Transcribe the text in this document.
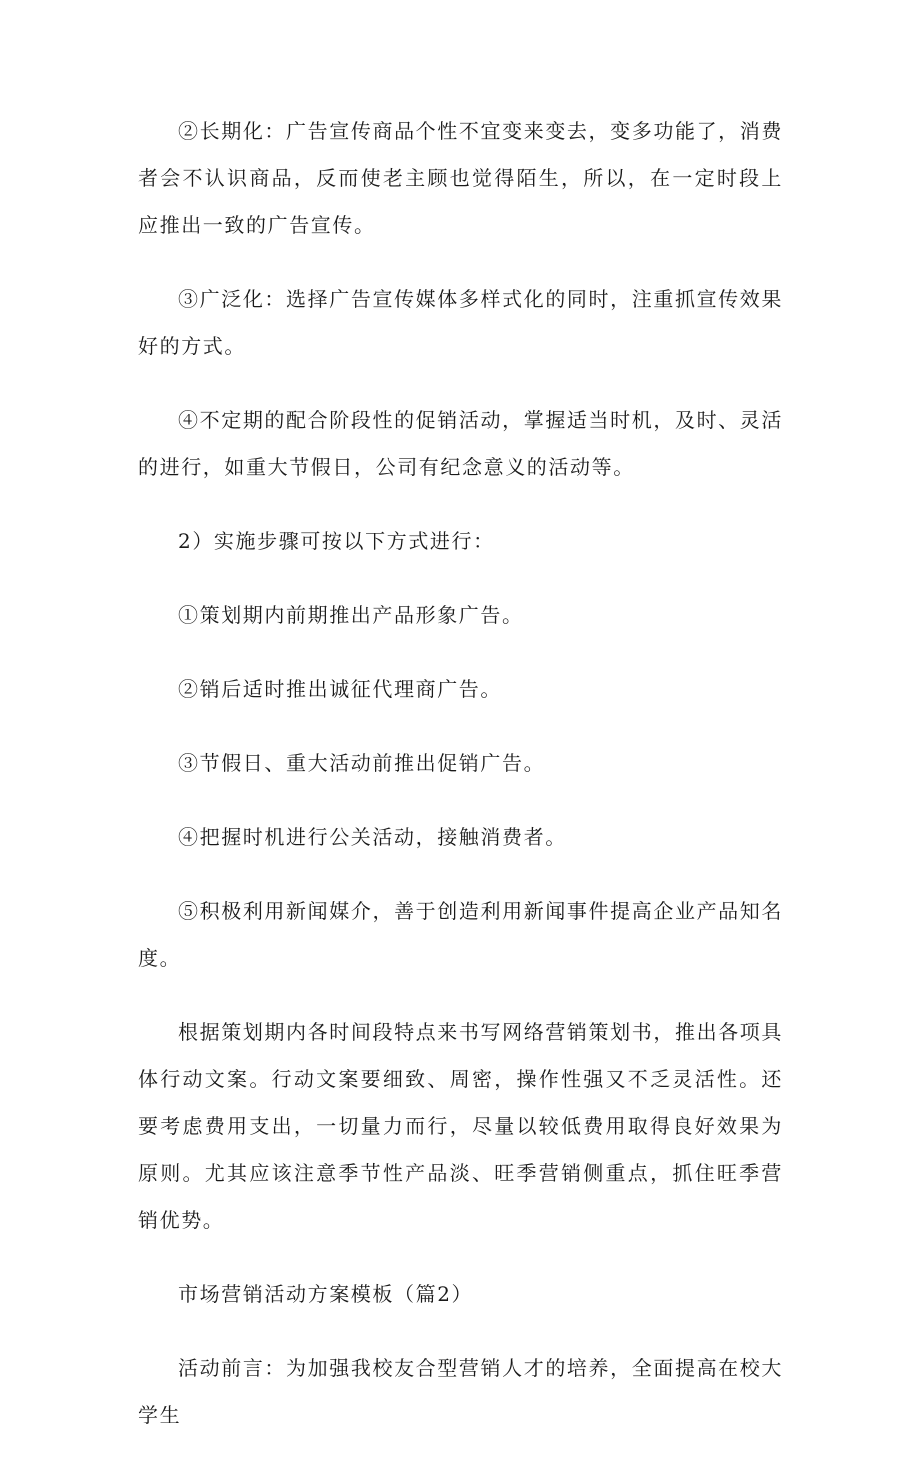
②长期化：广告宣传商品个性不宜变来变去，变多功能了，消费者会不认识商品，反而使老主顾也觉得陌生，所以，在一定时段上应推出一致的广告宣传。

③广泛化：选择广告宣传媒体多样式化的同时，注重抓宣传效果好的方式。

④不定期的配合阶段性的促销活动，掌握适当时机，及时、灵活的进行，如重大节假日，公司有纪念意义的活动等。

2）实施步骤可按以下方式进行：

①策划期内前期推出产品形象广告。

②销后适时推出诚征代理商广告。

③节假日、重大活动前推出促销广告。

④把握时机进行公关活动，接触消费者。

⑤积极利用新闻媒介，善于创造利用新闻事件提高企业产品知名度。

根据策划期内各时间段特点来书写网络营销策划书，推出各项具体行动文案。行动文案要细致、周密，操作性强又不乏灵活性。还要考虑费用支出，一切量力而行，尽量以较低费用取得良好效果为原则。尤其应该注意季节性产品淡、旺季营销侧重点，抓住旺季营销优势。

市场营销活动方案模板（篇2）

活动前言：为加强我校友合型营销人才的培养，全面提高在校大学生
